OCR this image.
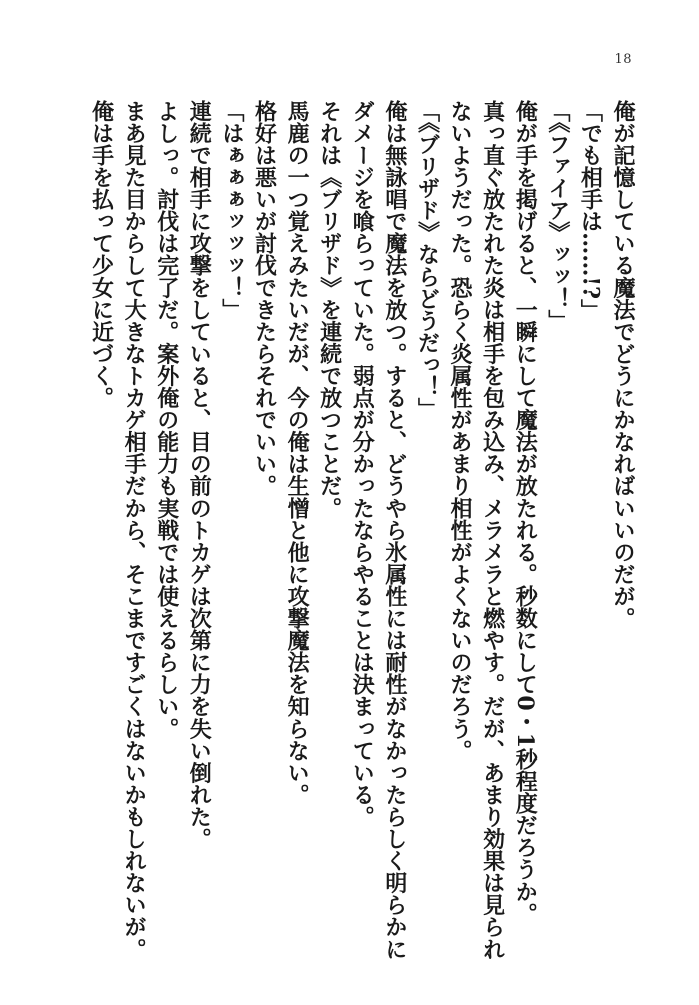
18
俺が記憶している魔法でどうにかなればいいのだが。
「でも相手は……!?」
「《ファイア》ッッ！」
俺が手を掲げると、一瞬にして魔法が放たれる。秒数にして0・1秒程度だろうか。
真っ直ぐ放たれた炎は相手を包み込み、メラメラと燃やす。だが、あまり効果は見られ
ないようだった。恐らく炎属性があまり相性がよくないのだろう。
「《ブリザド》ならどうだっ！」
俺は無詠唱で魔法を放つ。すると、どうやら氷属性には耐性がなかったらしく明らかに
ダメージを喰らっていた。弱点が分かったならやることは決まっている。
それは《ブリザド》を連続で放つことだ。
馬鹿の一つ覚えみたいだが、今の俺は生憎と他に攻撃魔法を知らない。
格好は悪いが討伐できたらそれでいい。
「はぁぁぁッッッ！」
連続で相手に攻撃をしていると、目の前のトカゲは次第に力を失い倒れた。
よしっ。討伐は完了だ。案外俺の能力も実戦では使えるらしい。
まあ見た目からして大きなトカゲ相手だから、そこまですごくはないかもしれないが。
俺は手を払って少女に近づく。
